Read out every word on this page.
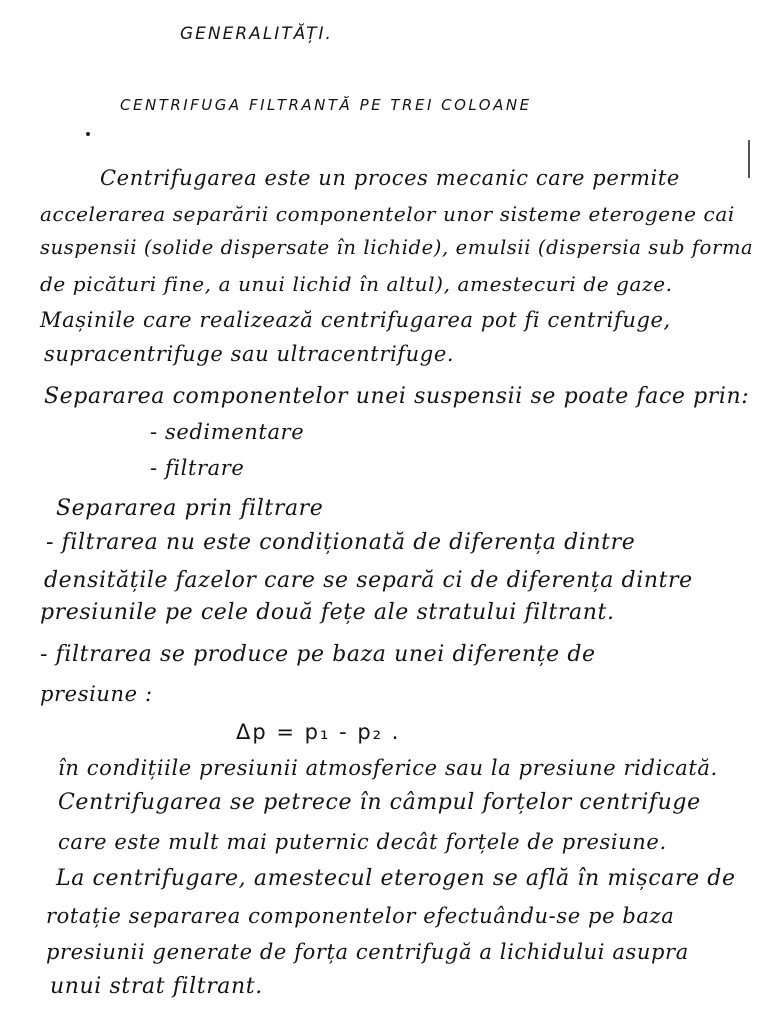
GENERALITĂȚI.
CENTRIFUGA FILTRANTĂ PE TREI COLOANE
Centrifugarea este un proces mecanic care permite
accelerarea separării componentelor unor sisteme eterogene cai
suspensii (solide dispersate în lichide), emulsii (dispersia sub forma
de picături fine, a unui lichid în altul), amestecuri de gaze.
Mașinile care realizează centrifugarea pot fi centrifuge,
supracentrifuge sau ultracentrifuge.
Separarea componentelor unei suspensii se poate face prin:
- sedimentare
- filtrare
Separarea prin filtrare
- filtrarea nu este condiționată de diferența dintre
densitățile fazelor care se separă ci de diferența dintre
presiunile pe cele două fețe ale stratului filtrant.
- filtrarea se produce pe baza unei diferențe de
presiune :
Δp = p₁ - p₂ .
în condițiile presiunii atmosferice sau la presiune ridicată.
Centrifugarea se petrece în câmpul forțelor centrifuge
care este mult mai puternic decât forțele de presiune.
La centrifugare, amestecul eterogen se află în mișcare de
rotație separarea componentelor efectuându-se pe baza
presiunii generate de forța centrifugă a lichidului asupra
unui strat filtrant.
